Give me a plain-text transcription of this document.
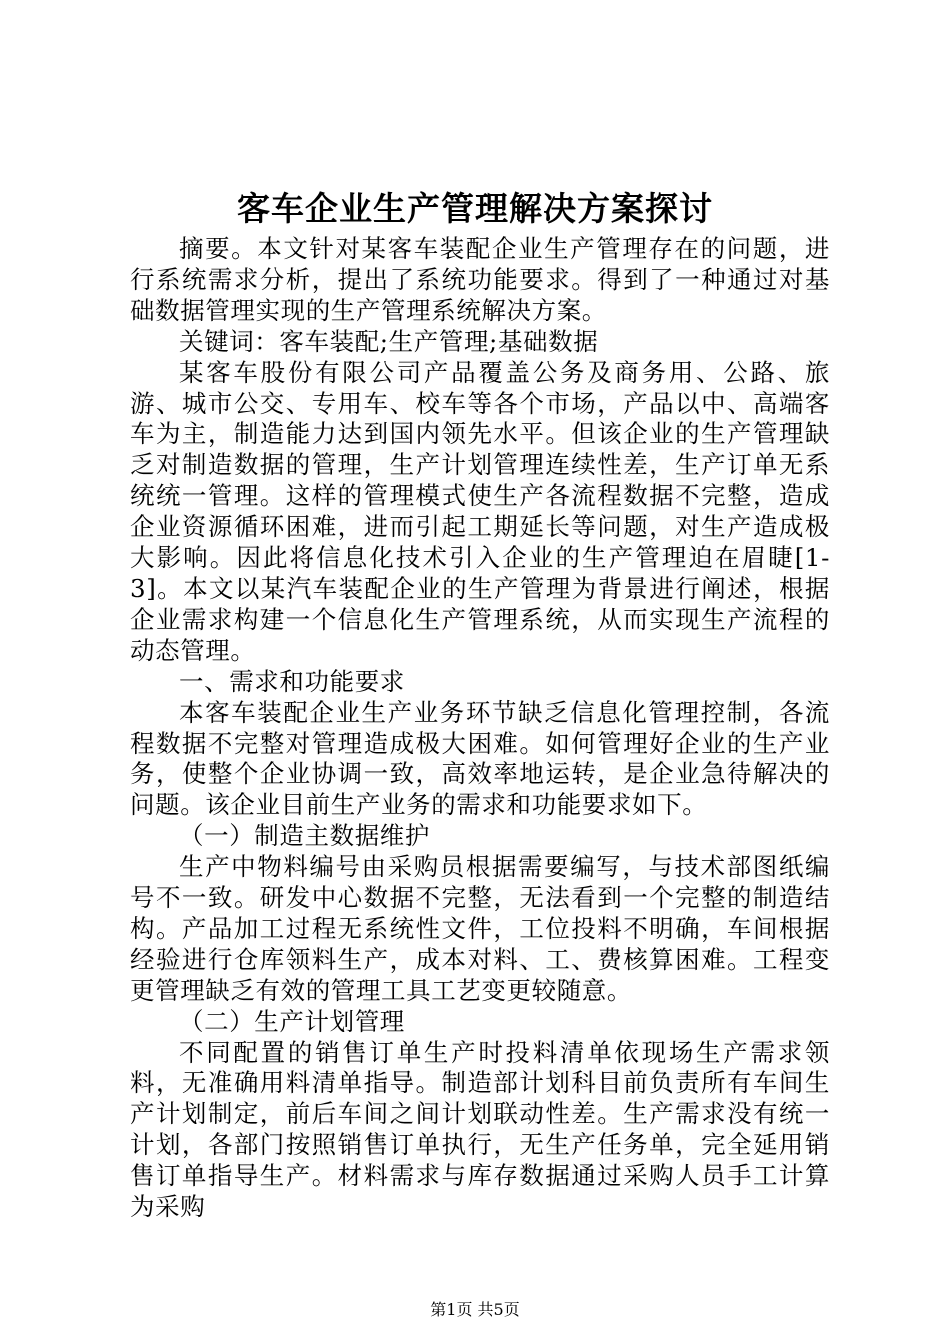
客车企业生产管理解决方案探讨

摘要。本文针对某客车装配企业生产管理存在的问题，进行系统需求分析，提出了系统功能要求。得到了一种通过对基础数据管理实现的生产管理系统解决方案。

关键词：客车装配;生产管理;基础数据

某客车股份有限公司产品覆盖公务及商务用、公路、旅游、城市公交、专用车、校车等各个市场，产品以中、高端客车为主，制造能力达到国内领先水平。但该企业的生产管理缺乏对制造数据的管理，生产计划管理连续性差，生产订单无系统统一管理。这样的管理模式使生产各流程数据不完整，造成企业资源循环困难，进而引起工期延长等问题，对生产造成极大影响。因此将信息化技术引入企业的生产管理迫在眉睫[1-3]。本文以某汽车装配企业的生产管理为背景进行阐述，根据企业需求构建一个信息化生产管理系统，从而实现生产流程的动态管理。

一、需求和功能要求

本客车装配企业生产业务环节缺乏信息化管理控制，各流程数据不完整对管理造成极大困难。如何管理好企业的生产业务，使整个企业协调一致，高效率地运转，是企业急待解决的问题。该企业目前生产业务的需求和功能要求如下。

（一）制造主数据维护

生产中物料编号由采购员根据需要编写，与技术部图纸编号不一致。研发中心数据不完整，无法看到一个完整的制造结构。产品加工过程无系统性文件，工位投料不明确，车间根据经验进行仓库领料生产，成本对料、工、费核算困难。工程变更管理缺乏有效的管理工具工艺变更较随意。

（二）生产计划管理

不同配置的销售订单生产时投料清单依现场生产需求领料，无准确用料清单指导。制造部计划科目前负责所有车间生产计划制定，前后车间之间计划联动性差。生产需求没有统一计划，各部门按照销售订单执行，无生产任务单，完全延用销售订单指导生产。材料需求与库存数据通过采购人员手工计算为采购

第1页 共5页
